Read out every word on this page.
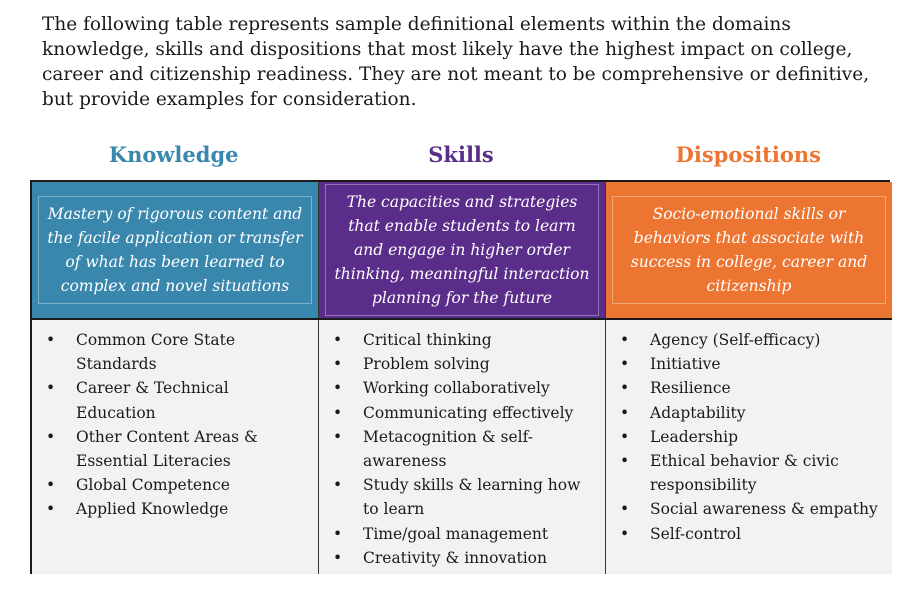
The following table represents sample definitional elements within the domains knowledge, skills and dispositions that most likely have the highest impact on college, career and citizenship readiness. They are not meant to be comprehensive or definitive, but provide examples for consideration.

Knowledge	Skills	Dispositions
Mastery of rigorous content and the facile application or transfer of what has been learned to complex and novel situations
The capacities and strategies that enable students to learn and engage in higher order thinking, meaningful interaction planning for the future
Socio-emotional skills or behaviors that associate with success in college, career and citizenship
• Common Core State Standards
• Career & Technical Education
• Other Content Areas & Essential Literacies
• Global Competence
• Applied Knowledge
• Critical thinking
• Problem solving
• Working collaboratively
• Communicating effectively
• Metacognition & self-awareness
• Study skills & learning how to learn
• Time/goal management
• Creativity & innovation
• Agency (Self-efficacy)
• Initiative
• Resilience
• Adaptability
• Leadership
• Ethical behavior & civic responsibility
• Social awareness & empathy
• Self-control
